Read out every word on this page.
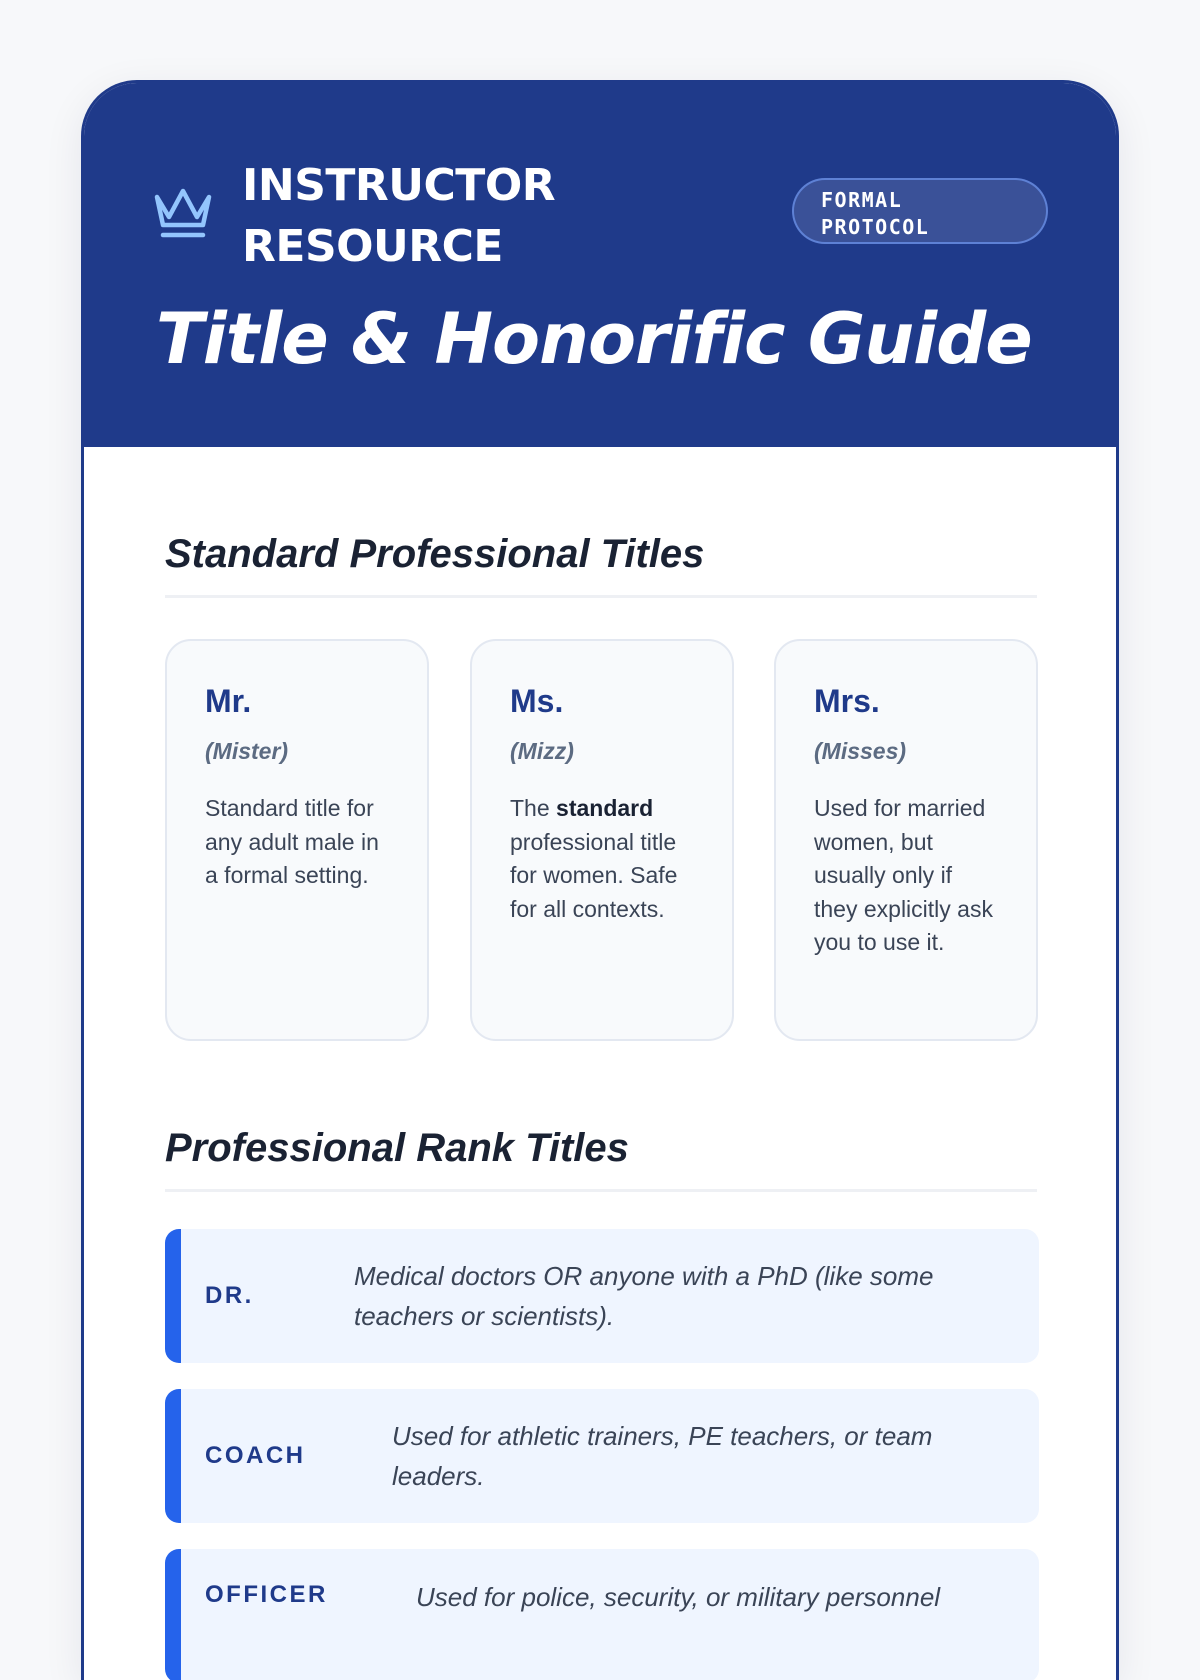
INSTRUCTOR
RESOURCE
FORMAL
PROTOCOL
Title & Honorific Guide
Standard Professional Titles
Mr.
(Mister)
Standard title for any adult male in a formal setting.
Ms.
(Mizz)
The standard professional title for women. Safe for all contexts.
Mrs.
(Misses)
Used for married women, but usually only if they explicitly ask you to use it.
Professional Rank Titles
DR.
Medical doctors OR anyone with a PhD (like some teachers or scientists).
COACH
Used for athletic trainers, PE teachers, or team leaders.
OFFICER	Used for police, security, or military personnel
